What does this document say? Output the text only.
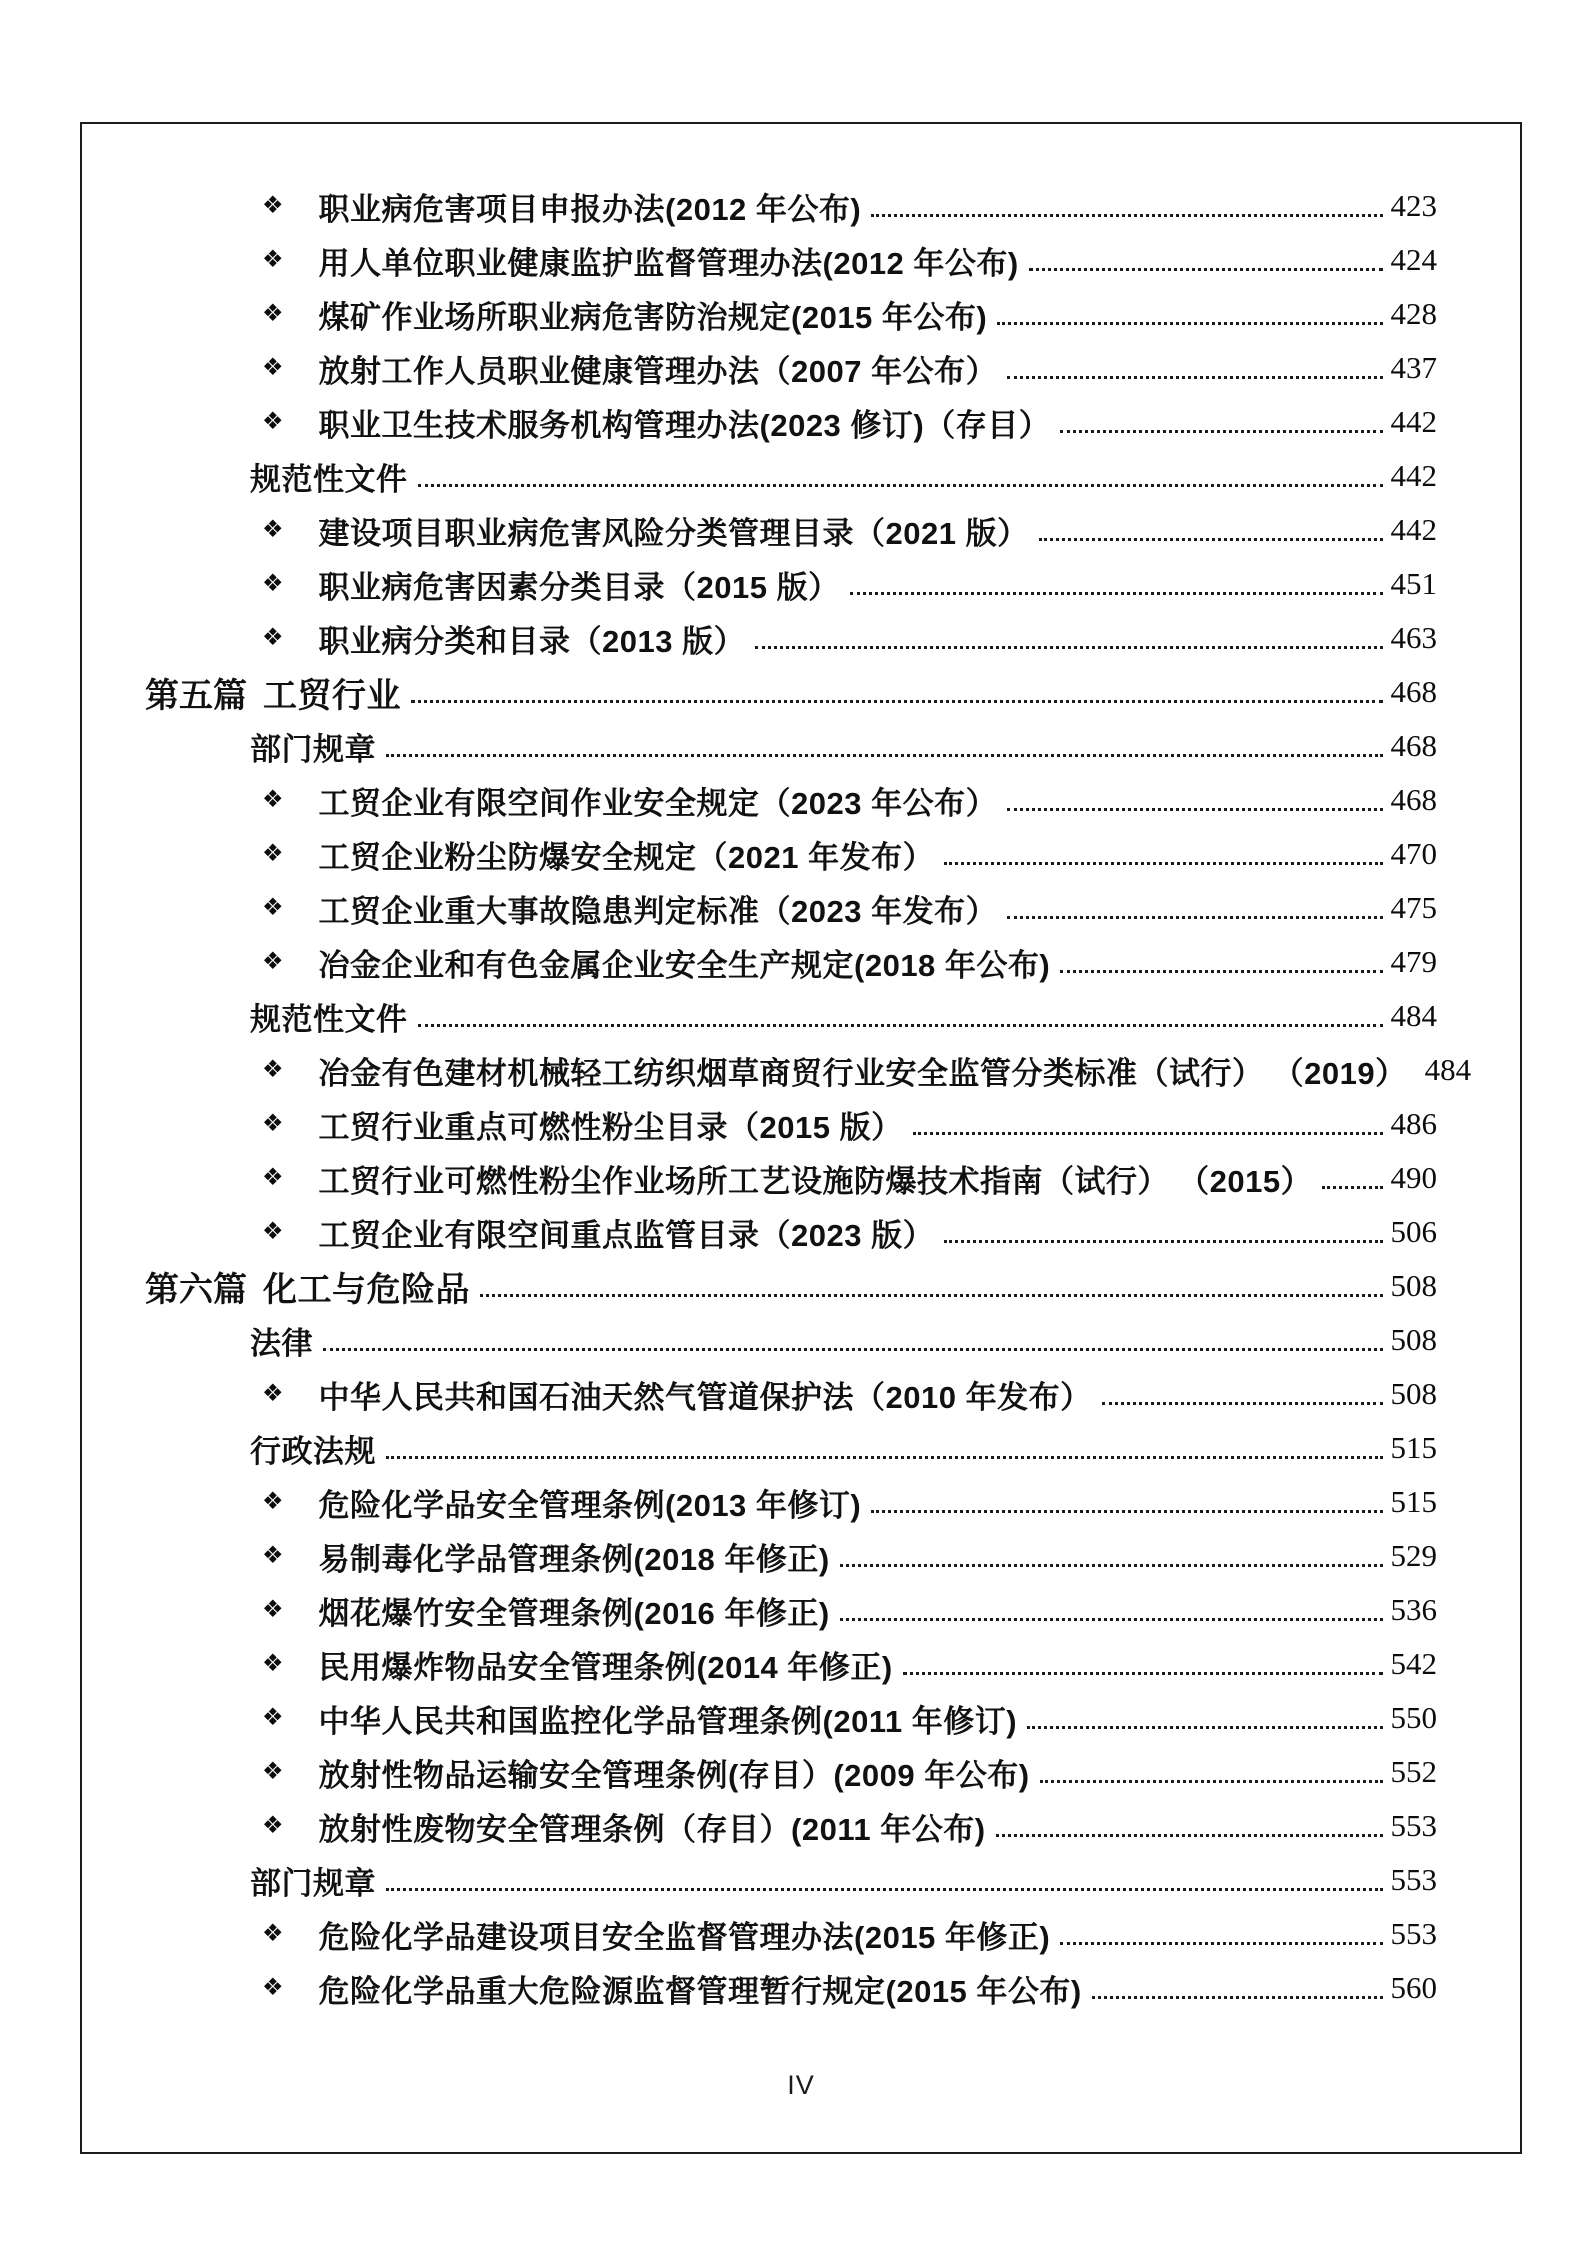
❖ 职业病危害项目申报办法(2012 年公布)	423
❖ 用人单位职业健康监护监督管理办法(2012 年公布)	424
❖ 煤矿作业场所职业病危害防治规定(2015 年公布)	428
❖ 放射工作人员职业健康管理办法（2007 年公布）	437
❖ 职业卫生技术服务机构管理办法(2023 修订)（存目）	442
规范性文件	442
❖ 建设项目职业病危害风险分类管理目录（2021 版）	442
❖ 职业病危害因素分类目录（2015 版）	451
❖ 职业病分类和目录（2013 版）	463
第五篇 工贸行业	468
部门规章	468
❖ 工贸企业有限空间作业安全规定（2023 年公布）	468
❖ 工贸企业粉尘防爆安全规定（2021 年发布）	470
❖ 工贸企业重大事故隐患判定标准（2023 年发布）	475
❖ 冶金企业和有色金属企业安全生产规定(2018 年公布)	479
规范性文件	484
❖ 冶金有色建材机械轻工纺织烟草商贸行业安全监管分类标准（试行） （2019） 484
❖ 工贸行业重点可燃性粉尘目录（2015 版）	486
❖ 工贸行业可燃性粉尘作业场所工艺设施防爆技术指南（试行） （2015）	490
❖ 工贸企业有限空间重点监管目录（2023 版）	506
第六篇 化工与危险品	508
法律	508
❖ 中华人民共和国石油天然气管道保护法（2010 年发布）	508
行政法规	515
❖ 危险化学品安全管理条例(2013 年修订)	515
❖ 易制毒化学品管理条例(2018 年修正)	529
❖ 烟花爆竹安全管理条例(2016 年修正)	536
❖ 民用爆炸物品安全管理条例(2014 年修正)	542
❖ 中华人民共和国监控化学品管理条例(2011 年修订)	550
❖ 放射性物品运输安全管理条例(存目）(2009 年公布)	552
❖ 放射性废物安全管理条例（存目）(2011 年公布)	553
部门规章	553
❖ 危险化学品建设项目安全监督管理办法(2015 年修正)	553
❖ 危险化学品重大危险源监督管理暂行规定(2015 年公布)	560
IV
